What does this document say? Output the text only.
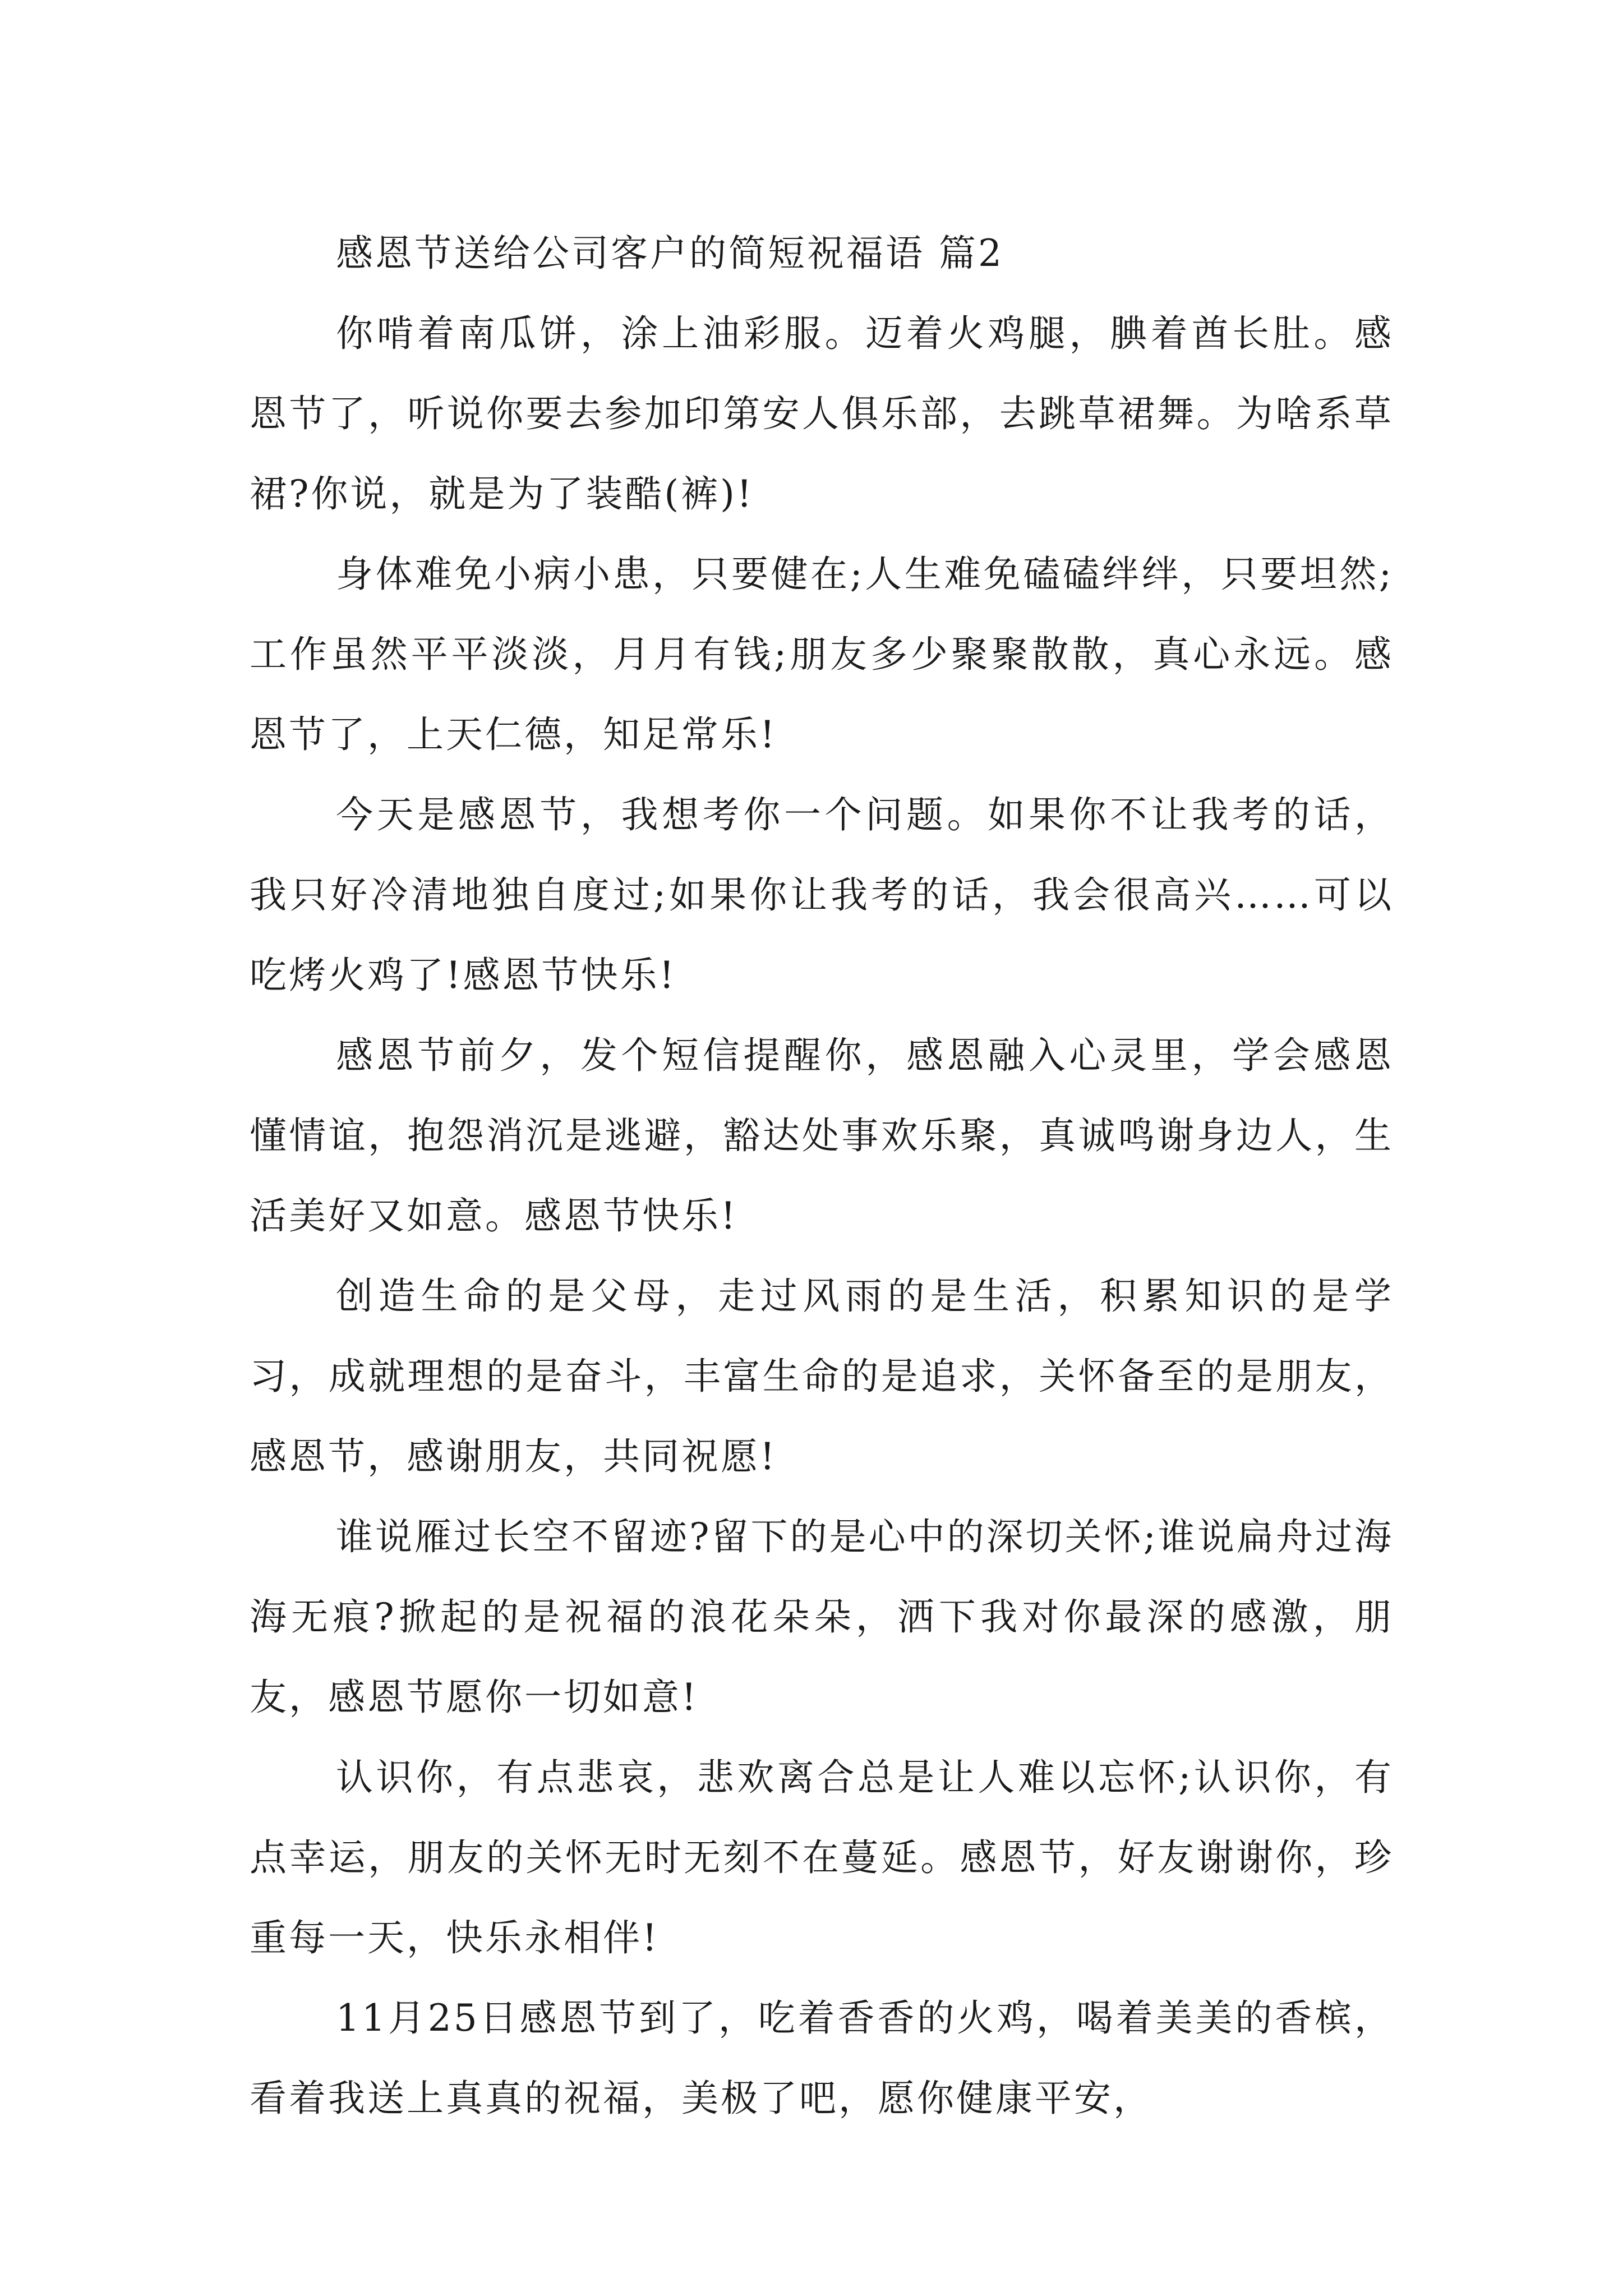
感恩节送给公司客户的简短祝福语 篇2

你啃着南瓜饼，涂上油彩服。迈着火鸡腿，腆着酋长肚。感恩节了，听说你要去参加印第安人俱乐部，去跳草裙舞。为啥系草裙?你说，就是为了装酷(裤)!

身体难免小病小患，只要健在;人生难免磕磕绊绊，只要坦然;工作虽然平平淡淡，月月有钱;朋友多少聚聚散散，真心永远。感恩节了，上天仁德，知足常乐!

今天是感恩节，我想考你一个问题。如果你不让我考的话，我只好冷清地独自度过;如果你让我考的话，我会很高兴……可以吃烤火鸡了!感恩节快乐!

感恩节前夕，发个短信提醒你，感恩融入心灵里，学会感恩懂情谊，抱怨消沉是逃避，豁达处事欢乐聚，真诚鸣谢身边人，生活美好又如意。感恩节快乐!

创造生命的是父母，走过风雨的是生活，积累知识的是学习，成就理想的是奋斗，丰富生命的是追求，关怀备至的是朋友，感恩节，感谢朋友，共同祝愿!

谁说雁过长空不留迹?留下的是心中的深切关怀;谁说扁舟过海海无痕?掀起的是祝福的浪花朵朵，洒下我对你最深的感激，朋友，感恩节愿你一切如意!

认识你，有点悲哀，悲欢离合总是让人难以忘怀;认识你，有点幸运，朋友的关怀无时无刻不在蔓延。感恩节，好友谢谢你，珍重每一天，快乐永相伴!

11月25日感恩节到了，吃着香香的火鸡，喝着美美的香槟，看着我送上真真的祝福，美极了吧，愿你健康平安，
